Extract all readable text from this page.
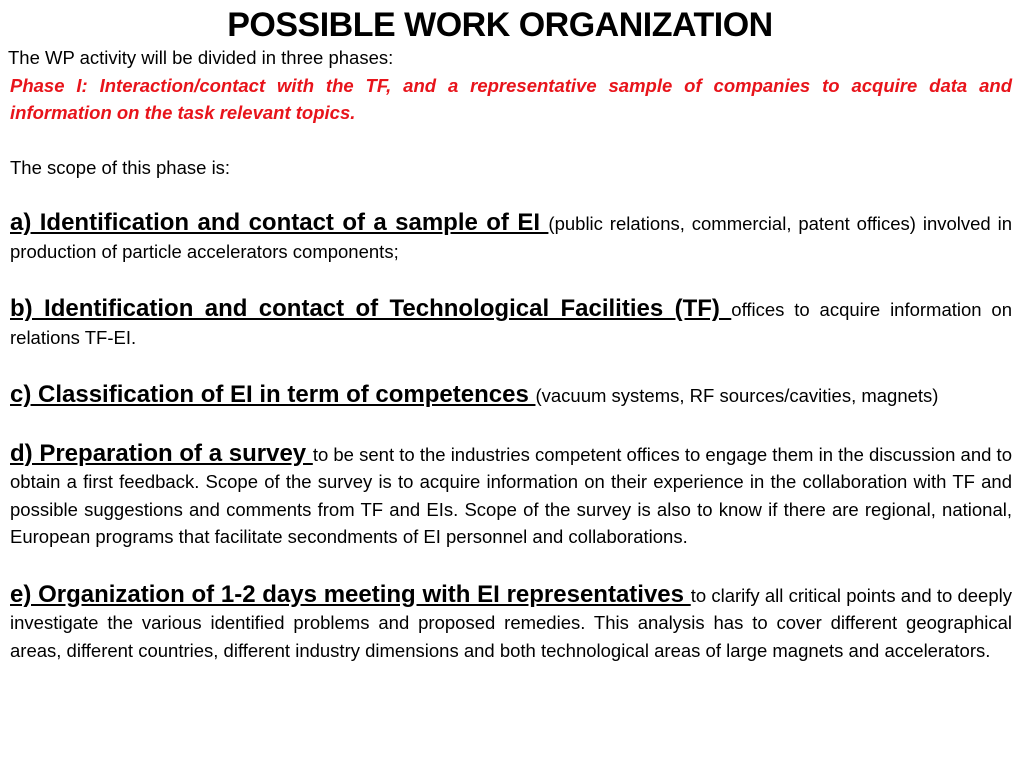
POSSIBLE WORK ORGANIZATION

The WP activity will be divided in three phases:

Phase I: Interaction/contact with the TF, and a representative sample of companies to acquire data and information on the task relevant topics.

The scope of this phase is:

a) Identification and contact of a sample of EI (public relations, commercial, patent offices) involved in production of particle accelerators components;

b) Identification and contact of Technological Facilities (TF) offices to acquire information on relations TF-EI.

c) Classification of EI in term of competences (vacuum systems, RF sources/cavities, magnets)

d) Preparation of a survey to be sent to the industries competent offices to engage them in the discussion and to obtain a first feedback. Scope of the survey is to acquire information on their experience in the collaboration with TF and possible suggestions and comments from TF and EIs. Scope of the survey is also to know if there are regional, national, European programs that facilitate secondments of EI personnel and collaborations.

e) Organization of 1-2 days meeting with EI representatives to clarify all critical points and to deeply investigate the various identified problems and proposed remedies. This analysis has to cover different geographical areas, different countries, different industry dimensions and both technological areas of large magnets and accelerators.
